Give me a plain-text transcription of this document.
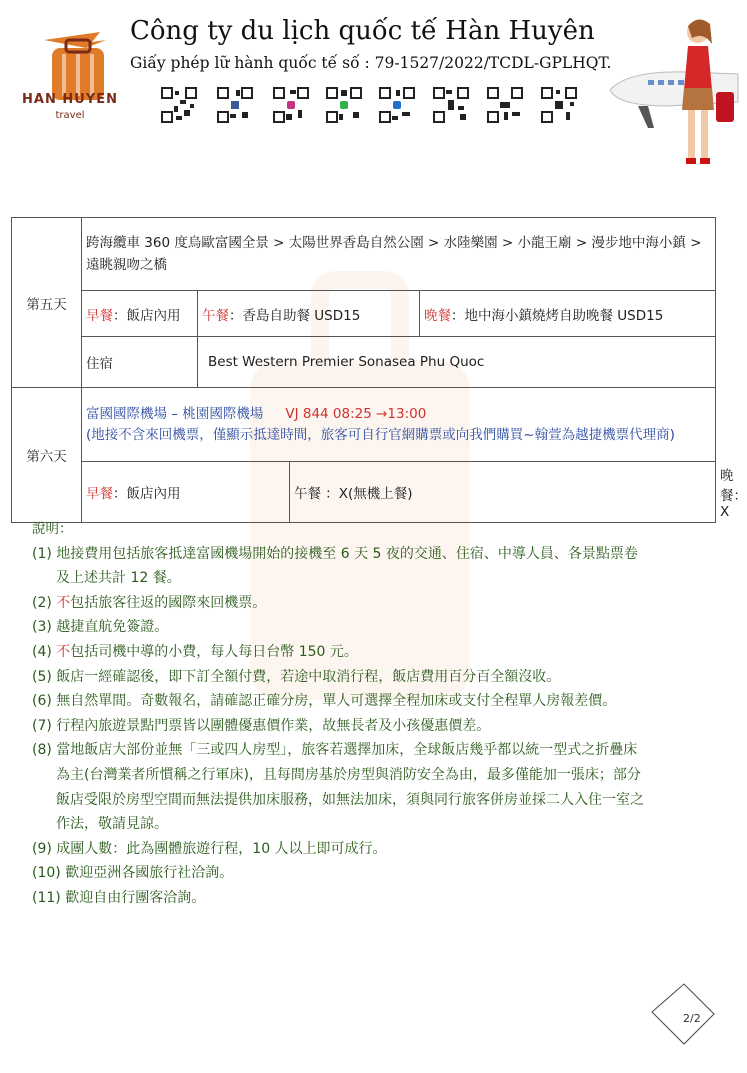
HAN HUYEN
travel
Công ty du lịch quốc tế Hàn Huyên
Giấy phép lữ hành quốc tế số : 79-1527/2022/TCDL-GPLHQT.
第五天	跨海纜車 360 度烏歐富國全景 > 太陽世界香島自然公園 > 水陸樂園 > 小龍王廟 > 漫步地中海小鎮 > 遠眺親吻之橋				
	早餐：飯店內用	午餐：香島自助餐 USD15		晚餐：地中海小鎮燒烤自助晚餐 USD15	
	住宿	Best Western Premier Sonasea Phu Quoc			
第六天	富國國際機場 – 桃園國際機場 VJ 844 08:25 →13:00
(地接不含來回機票，僅顯示抵達時間，旅客可自行官網購票或向我們購買~翰萱為越捷機票代理商)				

	早餐：飯店內用		午餐 ：X(無機上餐)		晚餐：X
說明：
(1) 地接費用包括旅客抵達富國機場開始的接機至 6 天 5 夜的交通、住宿、中導人員、各景點票卷
及上述共計 12 餐。
(2) 不包括旅客往返的國際來回機票。
(3) 越捷直航免簽證。
(4) 不包括司機中導的小費，每人每日台幣 150 元。
(5) 飯店一經確認後，即下訂全額付費，若途中取消行程，飯店費用百分百全額沒收。
(6) 無自然單間。奇數報名，請確認正確分房，單人可選擇全程加床或支付全程單人房報差價。
(7) 行程內旅遊景點門票皆以團體優惠價作業，故無長者及小孩優惠價差。
(8) 當地飯店大部份並無「三或四人房型」，旅客若選擇加床，全球飯店幾乎都以統一型式之折疊床
為主(台灣業者所慣稱之行軍床)，且每間房基於房型與消防安全為由，最多僅能加一張床；部分
飯店受限於房型空間而無法提供加床服務，如無法加床，須與同行旅客併房並採二人入住一室之
作法，敬請見諒。
(9) 成團人數：此為團體旅遊行程，10 人以上即可成行。
(10) 歡迎亞洲各國旅行社洽詢。
(11) 歡迎自由行團客洽詢。
2/2
